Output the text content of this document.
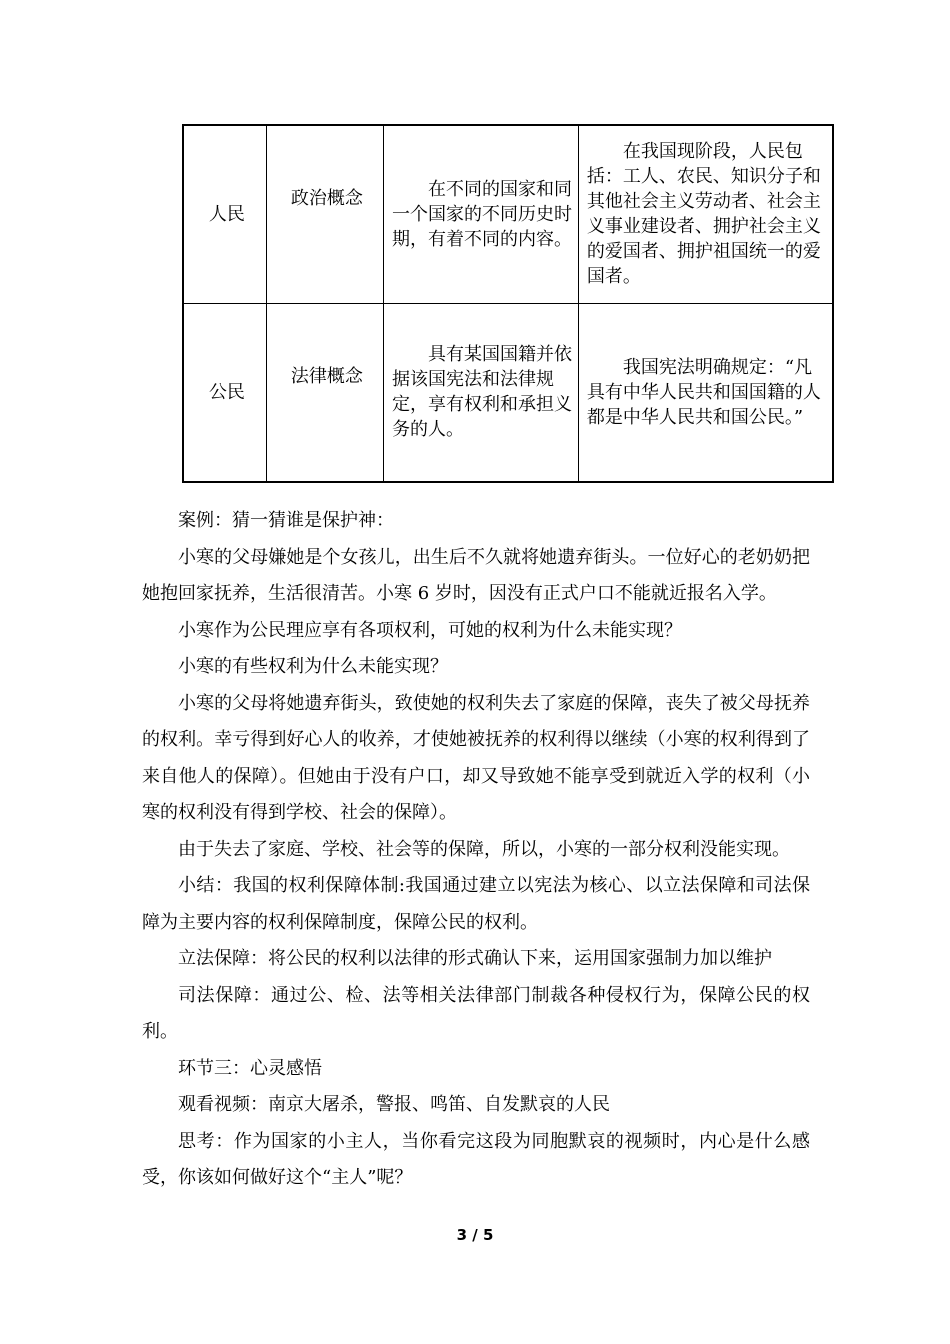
人民	政治概念	在不同的国家和同一个国家的不同历史时期，有着不同的内容。	在我国现阶段，人民包括：工人、农民、知识分子和其他社会主义劳动者、社会主义事业建设者、拥护社会主义的爱国者、拥护祖国统一的爱国者。
公民	法律概念	具有某国国籍并依据该国宪法和法律规定，享有权利和承担义务的人。	我国宪法明确规定：“凡具有中华人民共和国国籍的人都是中华人民共和国公民。”

案例：猜一猜谁是保护神：

小寒的父母嫌她是个女孩儿，出生后不久就将她遗弃街头。一位好心的老奶奶把她抱回家抚养，生活很清苦。小寒 6 岁时，因没有正式户口不能就近报名入学。

小寒作为公民理应享有各项权利，可她的权利为什么未能实现？

小寒的有些权利为什么未能实现？

小寒的父母将她遗弃街头，致使她的权利失去了家庭的保障，丧失了被父母抚养的权利。幸亏得到好心人的收养，才使她被抚养的权利得以继续（小寒的权利得到了来自他人的保障）。但她由于没有户口，却又导致她不能享受到就近入学的权利（小寒的权利没有得到学校、社会的保障）。

由于失去了家庭、学校、社会等的保障，所以，小寒的一部分权利没能实现。

小结：我国的权利保障体制:我国通过建立以宪法为核心、以立法保障和司法保障为主要内容的权利保障制度，保障公民的权利。

立法保障：将公民的权利以法律的形式确认下来，运用国家强制力加以维护

司法保障：通过公、检、法等相关法律部门制裁各种侵权行为，保障公民的权利。

环节三：心灵感悟

观看视频：南京大屠杀，警报、鸣笛、自发默哀的人民

思考：作为国家的小主人，当你看完这段为同胞默哀的视频时，内心是什么感受，你该如何做好这个“主人”呢？

3 / 5
